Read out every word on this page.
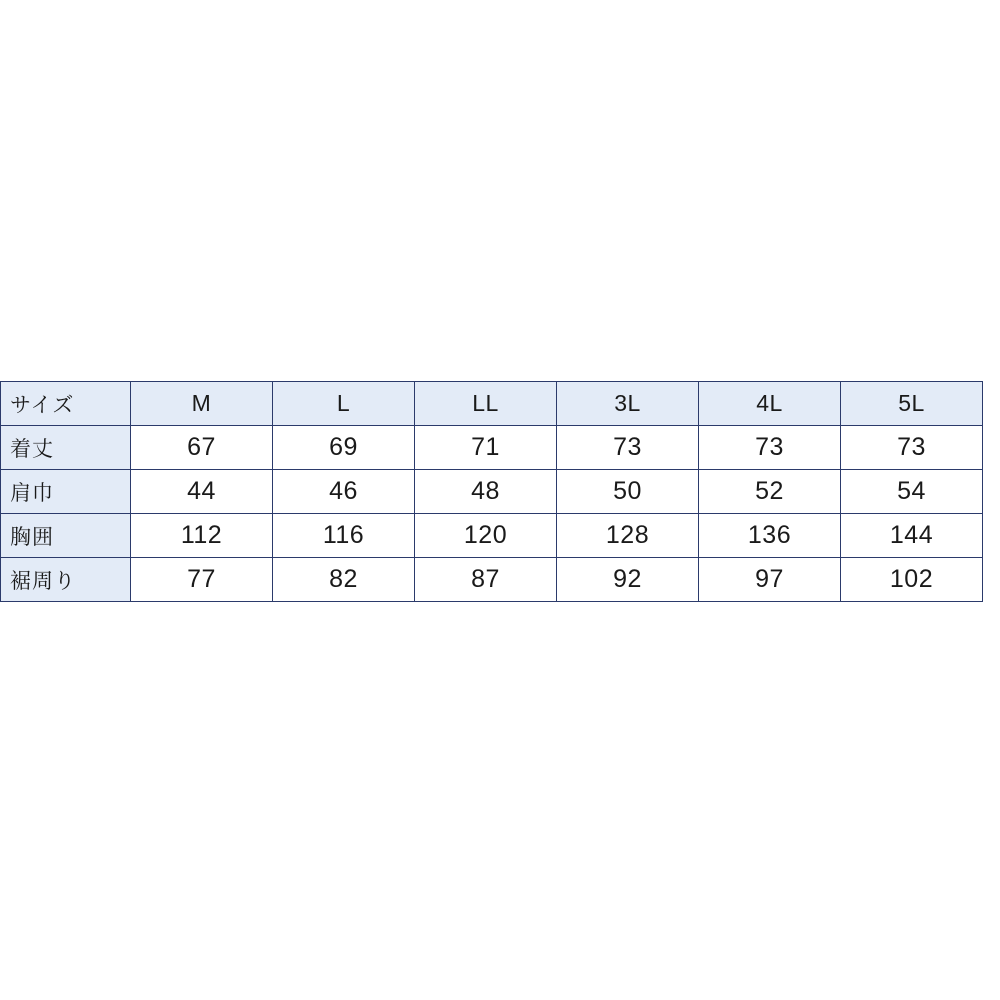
サイズ	M	L	LL	3L	4L	5L
着丈	67	69	71	73	73	73
肩巾	44	46	48	50	52	54
胸囲	112	116	120	128	136	144
裾周り	77	82	87	92	97	102
